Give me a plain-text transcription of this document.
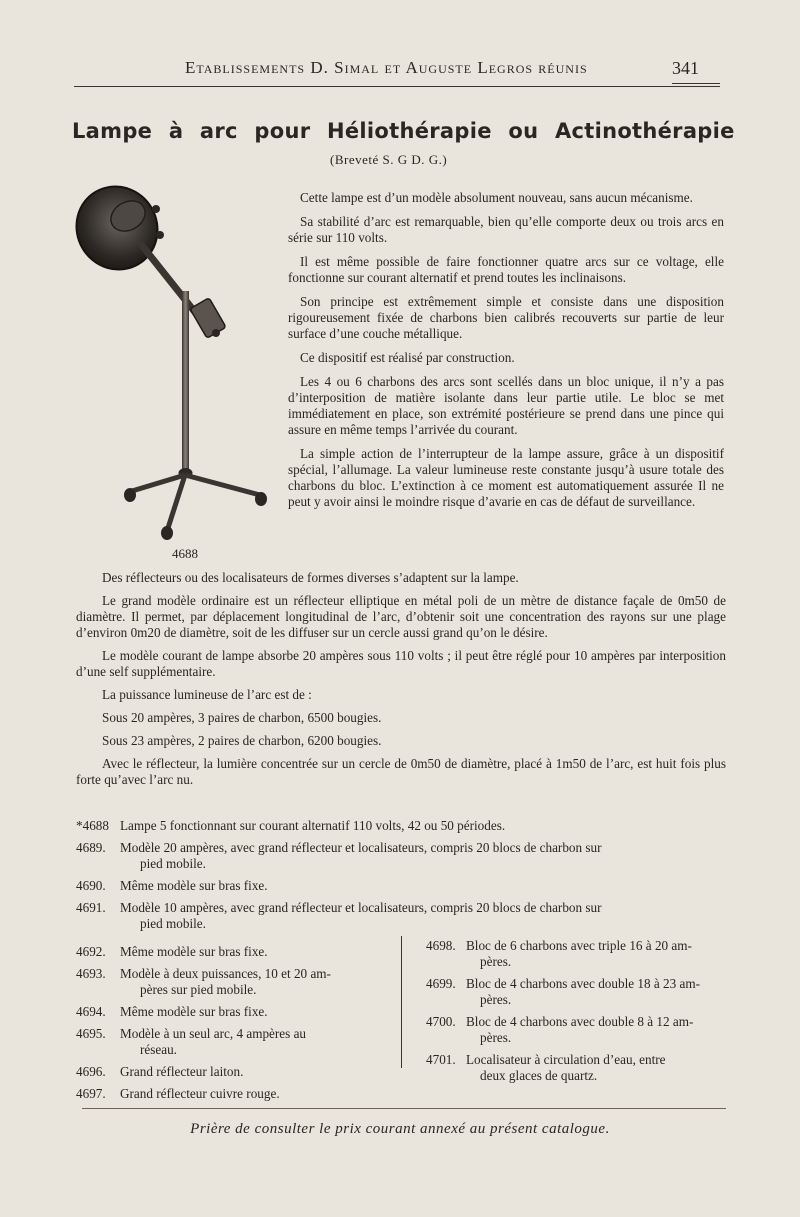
Etablissements D. Simal et Auguste Legros réunis	341
Lampe à arc pour Héliothérapie ou Actinothérapie
(Breveté S. G D. G.)
4688

Cette lampe est d’un modèle absolument nouveau, sans aucun mécanisme.

Sa stabilité d’arc est remarquable, bien qu’elle comporte deux ou trois arcs en série sur 110 volts.

Il est même possible de faire fonctionner quatre arcs sur ce voltage, elle fonctionne sur courant alternatif et prend toutes les inclinaisons.

Son principe est extrêmement simple et consiste dans une disposition rigoureusement fixée de charbons bien calibrés recouverts sur partie de leur surface d’une couche métallique.

Ce dispositif est réalisé par construction.

Les 4 ou 6 charbons des arcs sont scellés dans un bloc unique, il n’y a pas d’interposition de matière isolante dans leur partie utile. Le bloc se met immédiatement en place, son extrémité postérieure se prend dans une pince qui assure en même temps l’arrivée du courant.

La simple action de l’interrupteur de la lampe assure, grâce à un dispositif spécial, l’allumage. La valeur lumineuse reste constante jusqu’à usure totale des charbons du bloc. L’extinction à ce moment est automatiquement assurée Il ne peut y avoir ainsi le moindre risque d’avarie en cas de défaut de surveillance.

Des réflecteurs ou des localisateurs de formes diverses s’adaptent sur la lampe.

Le grand modèle ordinaire est un réflecteur elliptique en métal poli de un mètre de distance façale de 0m50 de diamètre. Il permet, par déplacement longitudinal de l’arc, d’obtenir soit une concentration des rayons sur une plage d’environ 0m20 de diamètre, soit de les diffuser sur un cercle aussi grand qu’on le désire.

Le modèle courant de lampe absorbe 20 ampères sous 110 volts ; il peut être réglé pour 10 ampères par interposition d’une self supplémentaire.

La puissance lumineuse de l’arc est de :

Sous 20 ampères, 3 paires de charbon, 6500 bougies.

Sous 23 ampères, 2 paires de charbon, 6200 bougies.

Avec le réflecteur, la lumière concentrée sur un cercle de 0m50 de diamètre, placé à 1m50 de l’arc, est huit fois plus forte qu’avec l’arc nu.

*4688 Lampe 5 fonctionnant sur courant alternatif 110 volts, 42 ou 50 périodes.
4689.	Modèle 20 ampères, avec grand réflecteur et localisateurs, compris 20 blocs de charbon sur
pied mobile.
4690.	Même modèle sur bras fixe.
4691.	Modèle 10 ampères, avec grand réflecteur et localisateurs, compris 20 blocs de charbon sur
pied mobile.
4692.	Même modèle sur bras fixe.
4693.	Modèle à deux puissances, 10 et 20 am-
pères sur pied mobile.
4694.	Même modèle sur bras fixe.
4695.	Modèle à un seul arc, 4 ampères au
réseau.
4696.	Grand réflecteur laiton.
4697.	Grand réflecteur cuivre rouge.
4698. Bloc de 6 charbons avec triple 16 à 20 am-
pères.
4699. Bloc de 4 charbons avec double 18 à 23 am-
pères.
4700. Bloc de 4 charbons avec double 8 à 12 am-
pères.
4701. Localisateur à circulation d’eau, entre
deux glaces de quartz.
Prière de consulter le prix courant annexé au présent catalogue.
